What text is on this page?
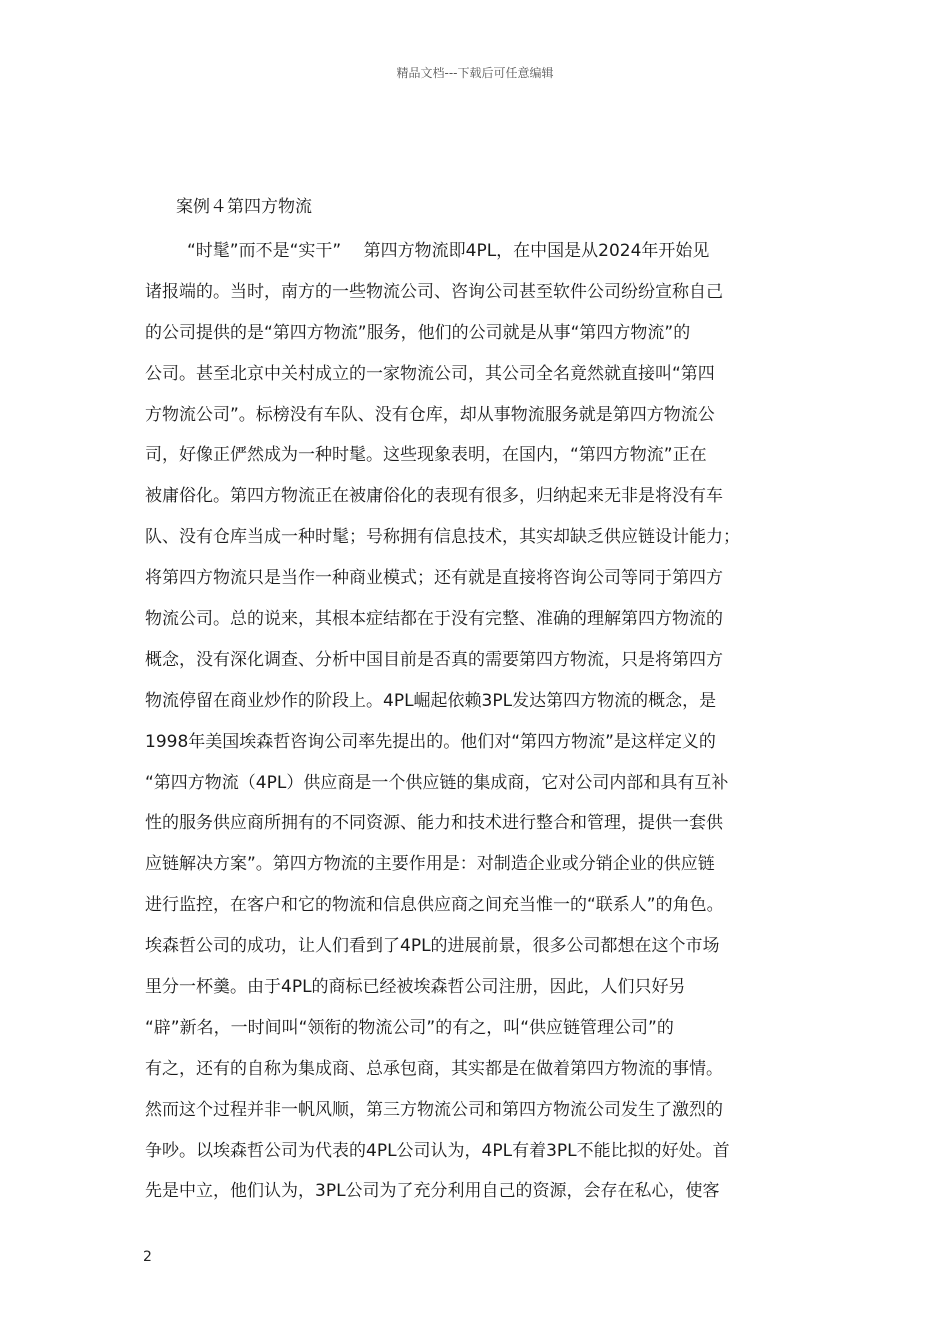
精品文档---下载后可任意编辑
案例４第四方物流
“时髦”而不是“实干”　 第四方物流即4PL，在中国是从2024年开始见
诸报端的。当时，南方的一些物流公司、咨询公司甚至软件公司纷纷宣称自己
的公司提供的是“第四方物流”服务，他们的公司就是从事“第四方物流”的
公司。甚至北京中关村成立的一家物流公司，其公司全名竟然就直接叫“第四
方物流公司”。标榜没有车队、没有仓库，却从事物流服务就是第四方物流公
司，好像正俨然成为一种时髦。这些现象表明，在国内，“第四方物流”正在
被庸俗化。第四方物流正在被庸俗化的表现有很多，归纳起来无非是将没有车
队、没有仓库当成一种时髦；号称拥有信息技术，其实却缺乏供应链设计能力；
将第四方物流只是当作一种商业模式；还有就是直接将咨询公司等同于第四方
物流公司。总的说来，其根本症结都在于没有完整、准确的理解第四方物流的
概念，没有深化调查、分析中国目前是否真的需要第四方物流，只是将第四方
物流停留在商业炒作的阶段上。4PL崛起依赖3PL发达第四方物流的概念，是
1998年美国埃森哲咨询公司率先提出的。他们对“第四方物流”是这样定义的
“第四方物流（4PL）供应商是一个供应链的集成商，它对公司内部和具有互补
性的服务供应商所拥有的不同资源、能力和技术进行整合和管理，提供一套供
应链解决方案”。第四方物流的主要作用是：对制造企业或分销企业的供应链
进行监控，在客户和它的物流和信息供应商之间充当惟一的“联系人”的角色。
埃森哲公司的成功，让人们看到了4PL的进展前景，很多公司都想在这个市场
里分一杯羹。由于4PL的商标已经被埃森哲公司注册，因此，人们只好另
“辟”新名，一时间叫“领衔的物流公司”的有之，叫“供应链管理公司”的
有之，还有的自称为集成商、总承包商，其实都是在做着第四方物流的事情。
然而这个过程并非一帆风顺，第三方物流公司和第四方物流公司发生了激烈的
争吵。以埃森哲公司为代表的4PL公司认为，4PL有着3PL不能比拟的好处。首
先是中立，他们认为，3PL公司为了充分利用自己的资源，会存在私心，使客
2
